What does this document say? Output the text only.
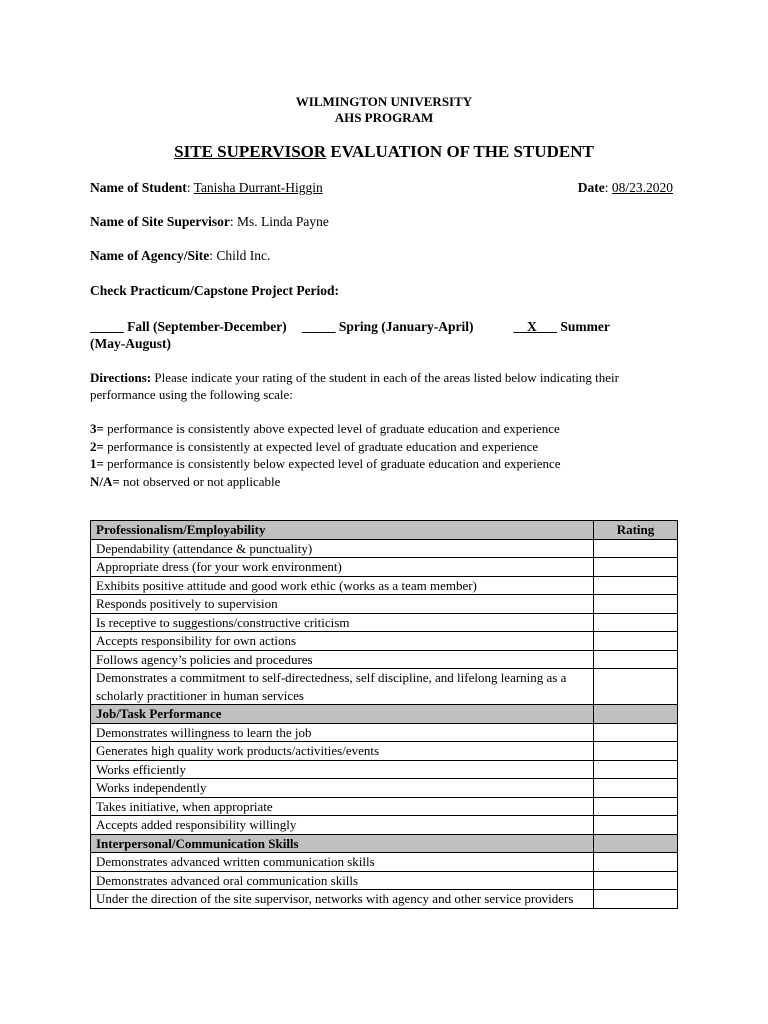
WILMINGTON UNIVERSITY
AHS PROGRAM
SITE SUPERVISOR EVALUATION OF THE STUDENT
Name of Student: Tanisha Durrant-Higgin	Date: 08/23.2020
Name of Site Supervisor: Ms. Linda Payne
Name of Agency/Site: Child Inc.
Check Practicum/Capstone Project Period:
_____ Fall (September-December) _____ Spring (January-April)	__X___ Summer
(May-August)
Directions: Please indicate your rating of the student in each of the areas listed below indicating their performance using the following scale:
3= performance is consistently above expected level of graduate education and experience
2= performance is consistently at expected level of graduate education and experience
1= performance is consistently below expected level of graduate education and experience
N/A= not observed or not applicable
Professionalism/Employability	Rating
Dependability (attendance & punctuality)	
Appropriate dress (for your work environment)	
Exhibits positive attitude and good work ethic (works as a team member)	
Responds positively to supervision	
Is receptive to suggestions/constructive criticism	
Accepts responsibility for own actions	
Follows agency’s policies and procedures	
Demonstrates a commitment to self-directedness, self discipline, and lifelong learning as a scholarly practitioner in human services	
Job/Task Performance	
Demonstrates willingness to learn the job	
Generates high quality work products/activities/events	
Works efficiently	
Works independently	
Takes initiative, when appropriate	
Accepts added responsibility willingly	
Interpersonal/Communication Skills	
Demonstrates advanced written communication skills	
Demonstrates advanced oral communication skills	
Under the direction of the site supervisor, networks with agency and other service providers	
